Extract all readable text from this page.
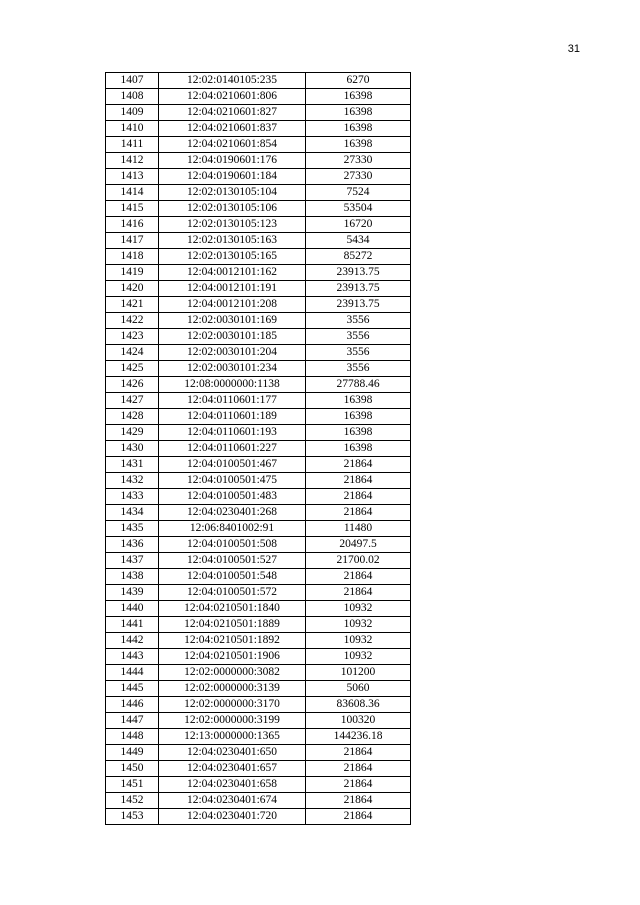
31
1407	12:02:0140105:235	6270
1408	12:04:0210601:806	16398
1409	12:04:0210601:827	16398
1410	12:04:0210601:837	16398
1411	12:04:0210601:854	16398
1412	12:04:0190601:176	27330
1413	12:04:0190601:184	27330
1414	12:02:0130105:104	7524
1415	12:02:0130105:106	53504
1416	12:02:0130105:123	16720
1417	12:02:0130105:163	5434
1418	12:02:0130105:165	85272
1419	12:04:0012101:162	23913.75
1420	12:04:0012101:191	23913.75
1421	12:04:0012101:208	23913.75
1422	12:02:0030101:169	3556
1423	12:02:0030101:185	3556
1424	12:02:0030101:204	3556
1425	12:02:0030101:234	3556
1426	12:08:0000000:1138	27788.46
1427	12:04:0110601:177	16398
1428	12:04:0110601:189	16398
1429	12:04:0110601:193	16398
1430	12:04:0110601:227	16398
1431	12:04:0100501:467	21864
1432	12:04:0100501:475	21864
1433	12:04:0100501:483	21864
1434	12:04:0230401:268	21864
1435	12:06:8401002:91	11480
1436	12:04:0100501:508	20497.5
1437	12:04:0100501:527	21700.02
1438	12:04:0100501:548	21864
1439	12:04:0100501:572	21864
1440	12:04:0210501:1840	10932
1441	12:04:0210501:1889	10932
1442	12:04:0210501:1892	10932
1443	12:04:0210501:1906	10932
1444	12:02:0000000:3082	101200
1445	12:02:0000000:3139	5060
1446	12:02:0000000:3170	83608.36
1447	12:02:0000000:3199	100320
1448	12:13:0000000:1365	144236.18
1449	12:04:0230401:650	21864
1450	12:04:0230401:657	21864
1451	12:04:0230401:658	21864
1452	12:04:0230401:674	21864
1453	12:04:0230401:720	21864
